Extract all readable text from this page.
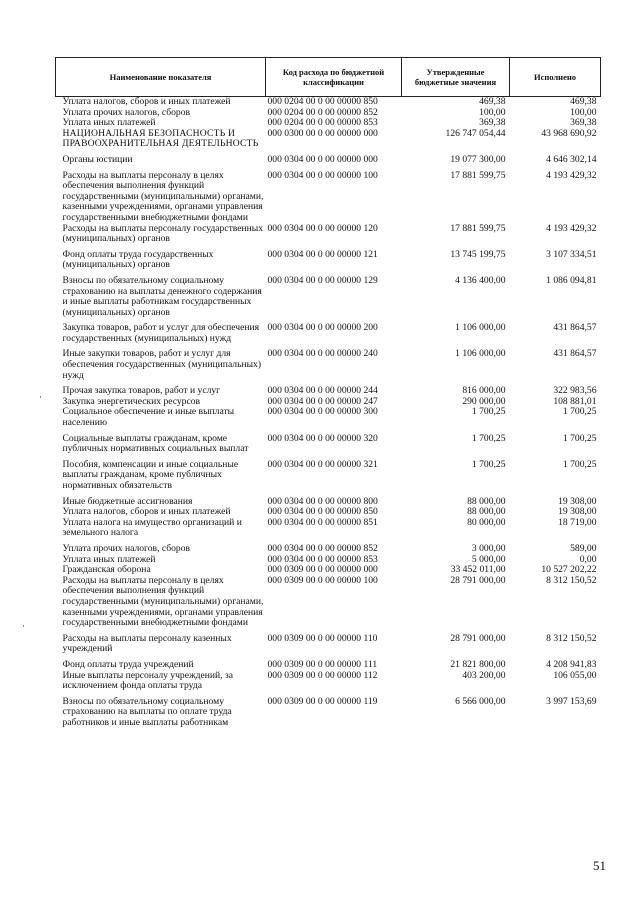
Наименование показателя	Код расхода по бюджетной классификации	Утвержденные бюджетные значения	Исполнено
Уплата налогов, сборов и иных платежей	000 0204 00 0 00 00000 850	469,38	469,38
Уплата прочих налогов, сборов	000 0204 00 0 00 00000 852	100,00	100,00
Уплата иных платежей	000 0204 00 0 00 00000 853	369,38	369,38
НАЦИОНАЛЬНАЯ БЕЗОПАСНОСТЬ И ПРАВООХРАНИТЕЛЬНАЯ ДЕЯТЕЛЬНОСТЬ	000 0300 00 0 00 00000 000	126 747 054,44	43 968 690,92
Органы юстиции	000 0304 00 0 00 00000 000	19 077 300,00	4 646 302,14
Расходы на выплаты персоналу в целях обеспечения выполнения функций государственными (муниципальными) органами, казенными учреждениями, органами управления государственными внебюджетными фондами	000 0304 00 0 00 00000 100	17 881 599,75	4 193 429,32
Расходы на выплаты персоналу государственных (муниципальных) органов	000 0304 00 0 00 00000 120	17 881 599,75	4 193 429,32
Фонд оплаты труда государственных (муниципальных) органов	000 0304 00 0 00 00000 121	13 745 199,75	3 107 334,51
Взносы по обязательному социальному страхованию на выплаты денежного содержания и иные выплаты работникам государственных (муниципальных) органов	000 0304 00 0 00 00000 129	4 136 400,00	1 086 094,81
Закупка товаров, работ и услуг для обеспечения государственных (муниципальных) нужд	000 0304 00 0 00 00000 200	1 106 000,00	431 864,57
Иные закупки товаров, работ и услуг для обеспечения государственных (муниципальных) нужд	000 0304 00 0 00 00000 240	1 106 000,00	431 864,57
Прочая закупка товаров, работ и услуг	000 0304 00 0 00 00000 244	816 000,00	322 983,56
Закупка энергетических ресурсов	000 0304 00 0 00 00000 247	290 000,00	108 881,01
Социальное обеспечение и иные выплаты населению	000 0304 00 0 00 00000 300	1 700,25	1 700,25
Социальные выплаты гражданам, кроме публичных нормативных социальных выплат	000 0304 00 0 00 00000 320	1 700,25	1 700,25
Пособия, компенсации и иные социальные выплаты гражданам, кроме публичных нормативных обязательств	000 0304 00 0 00 00000 321	1 700,25	1 700,25
Иные бюджетные ассигнования	000 0304 00 0 00 00000 800	88 000,00	19 308,00
Уплата налогов, сборов и иных платежей	000 0304 00 0 00 00000 850	88 000,00	19 308,00
Уплата налога на имущество организаций и земельного налога	000 0304 00 0 00 00000 851	80 000,00	18 719,00
Уплата прочих налогов, сборов	000 0304 00 0 00 00000 852	3 000,00	589,00
Уплата иных платежей	000 0304 00 0 00 00000 853	5 000,00	0,00
Гражданская оборона	000 0309 00 0 00 00000 000	33 452 011,00	10 527 202,22
Расходы на выплаты персоналу в целях обеспечения выполнения функций государственными (муниципальными) органами, казенными учреждениями, органами управления государственными внебюджетными фондами	000 0309 00 0 00 00000 100	28 791 000,00	8 312 150,52
Расходы на выплаты персоналу казенных учреждений	000 0309 00 0 00 00000 110	28 791 000,00	8 312 150,52
Фонд оплаты труда учреждений	000 0309 00 0 00 00000 111	21 821 800,00	4 208 941,83
Иные выплаты персоналу учреждений, за исключением фонда оплаты труда	000 0309 00 0 00 00000 112	403 200,00	106 055,00
Взносы по обязательному социальному страхованию на выплаты по оплате труда работников и иные выплаты работникам	000 0309 00 0 00 00000 119	6 566 000,00	3 997 153,69
51
